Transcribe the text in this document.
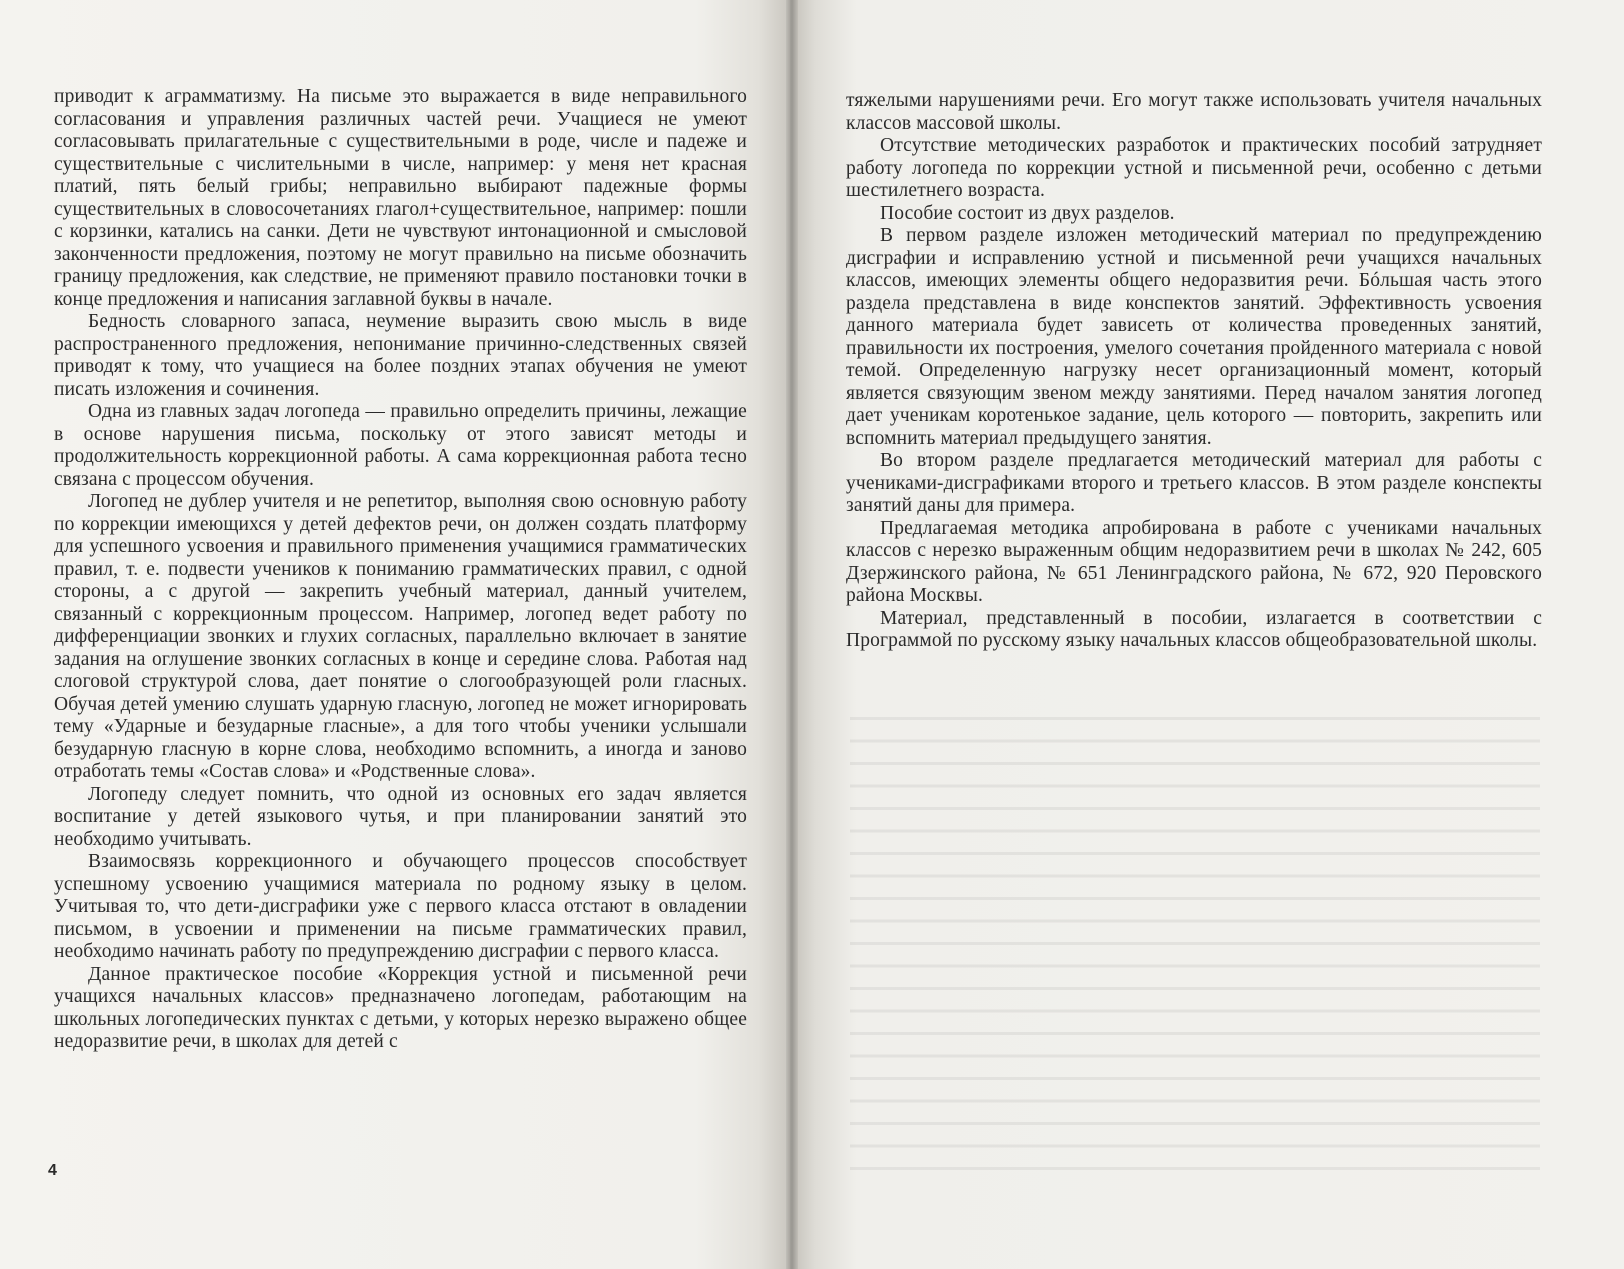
приводит к аграмматизму. На письме это выражается в виде неправильного согласования и управления различных частей речи. Учащиеся не умеют согласовывать прилагательные с существительными в роде, числе и падеже и существительные с числительными в числе, например: у меня нет красная платий, пять белый грибы; неправильно выбирают падежные формы существительных в словосочетаниях глагол+существительное, например: пошли с корзинки, катались на санки. Дети не чувствуют интонационной и смысловой законченности предложения, поэтому не могут правильно на письме обозначить границу предложения, как следствие, не применяют правило постановки точки в конце предложения и написания заглавной буквы в начале.

Бедность словарного запаса, неумение выразить свою мысль в виде распространенного предложения, непонимание причинно-следственных связей приводят к тому, что учащиеся на более поздних этапах обучения не умеют писать изложения и сочинения.

Одна из главных задач логопеда — правильно определить причины, лежащие в основе нарушения письма, поскольку от этого зависят методы и продолжительность коррекционной работы. А сама коррекционная работа тесно связана с процессом обучения.

Логопед не дублер учителя и не репетитор, выполняя свою основную работу по коррекции имеющихся у детей дефектов речи, он должен создать платформу для успешного усвоения и правильного применения учащимися грамматических правил, т. е. подвести учеников к пониманию грамматических правил, с одной стороны, а с другой — закрепить учебный материал, данный учителем, связанный с коррекционным процессом. Например, логопед ведет работу по дифференциации звонких и глухих согласных, параллельно включает в занятие задания на оглушение звонких согласных в конце и середине слова. Работая над слоговой структурой слова, дает понятие о слогообразующей роли гласных. Обучая детей умению слушать ударную гласную, логопед не может игнорировать тему «Ударные и безударные гласные», а для того чтобы ученики услышали безударную гласную в корне слова, необходимо вспомнить, а иногда и заново отработать темы «Состав слова» и «Родственные слова».

Логопеду следует помнить, что одной из основных его задач является воспитание у детей языкового чутья, и при планировании занятий это необходимо учитывать.

Взаимосвязь коррекционного и обучающего процессов способствует успешному усвоению учащимися материала по родному языку в целом. Учитывая то, что дети-дисграфики уже с первого класса отстают в овладении письмом, в усвоении и применении на письме грамматических правил, необходимо начинать работу по предупреждению дисграфии с первого класса.

Данное практическое пособие «Коррекция устной и письменной речи учащихся начальных классов» предназначено логопедам, работающим на школьных логопедических пунктах с детьми, у которых нерезко выражено общее недоразвитие речи, в школах для детей с

4

тяжелыми нарушениями речи. Его могут также использовать учителя начальных классов массовой школы.

Отсутствие методических разработок и практических пособий затрудняет работу логопеда по коррекции устной и письменной речи, особенно с детьми шестилетнего возраста.

Пособие состоит из двух разделов.

В первом разделе изложен методический материал по предупреждению дисграфии и исправлению устной и письменной речи учащихся начальных классов, имеющих элементы общего недоразвития речи. Бóльшая часть этого раздела представлена в виде конспектов занятий. Эффективность усвоения данного материала будет зависеть от количества проведенных занятий, правильности их построения, умелого сочетания пройденного материала с новой темой. Определенную нагрузку несет организационный момент, который является связующим звеном между занятиями. Перед началом занятия логопед дает ученикам коротенькое задание, цель которого — повторить, закрепить или вспомнить материал предыдущего занятия.

Во втором разделе предлагается методический материал для работы с учениками-дисграфиками второго и третьего классов. В этом разделе конспекты занятий даны для примера.

Предлагаемая методика апробирована в работе с учениками начальных классов с нерезко выраженным общим недоразвитием речи в школах № 242, 605 Дзержинского района, № 651 Ленинградского района, № 672, 920 Перовского района Москвы.

Материал, представленный в пособии, излагается в соответствии с Программой по русскому языку начальных классов общеобразовательной школы.
